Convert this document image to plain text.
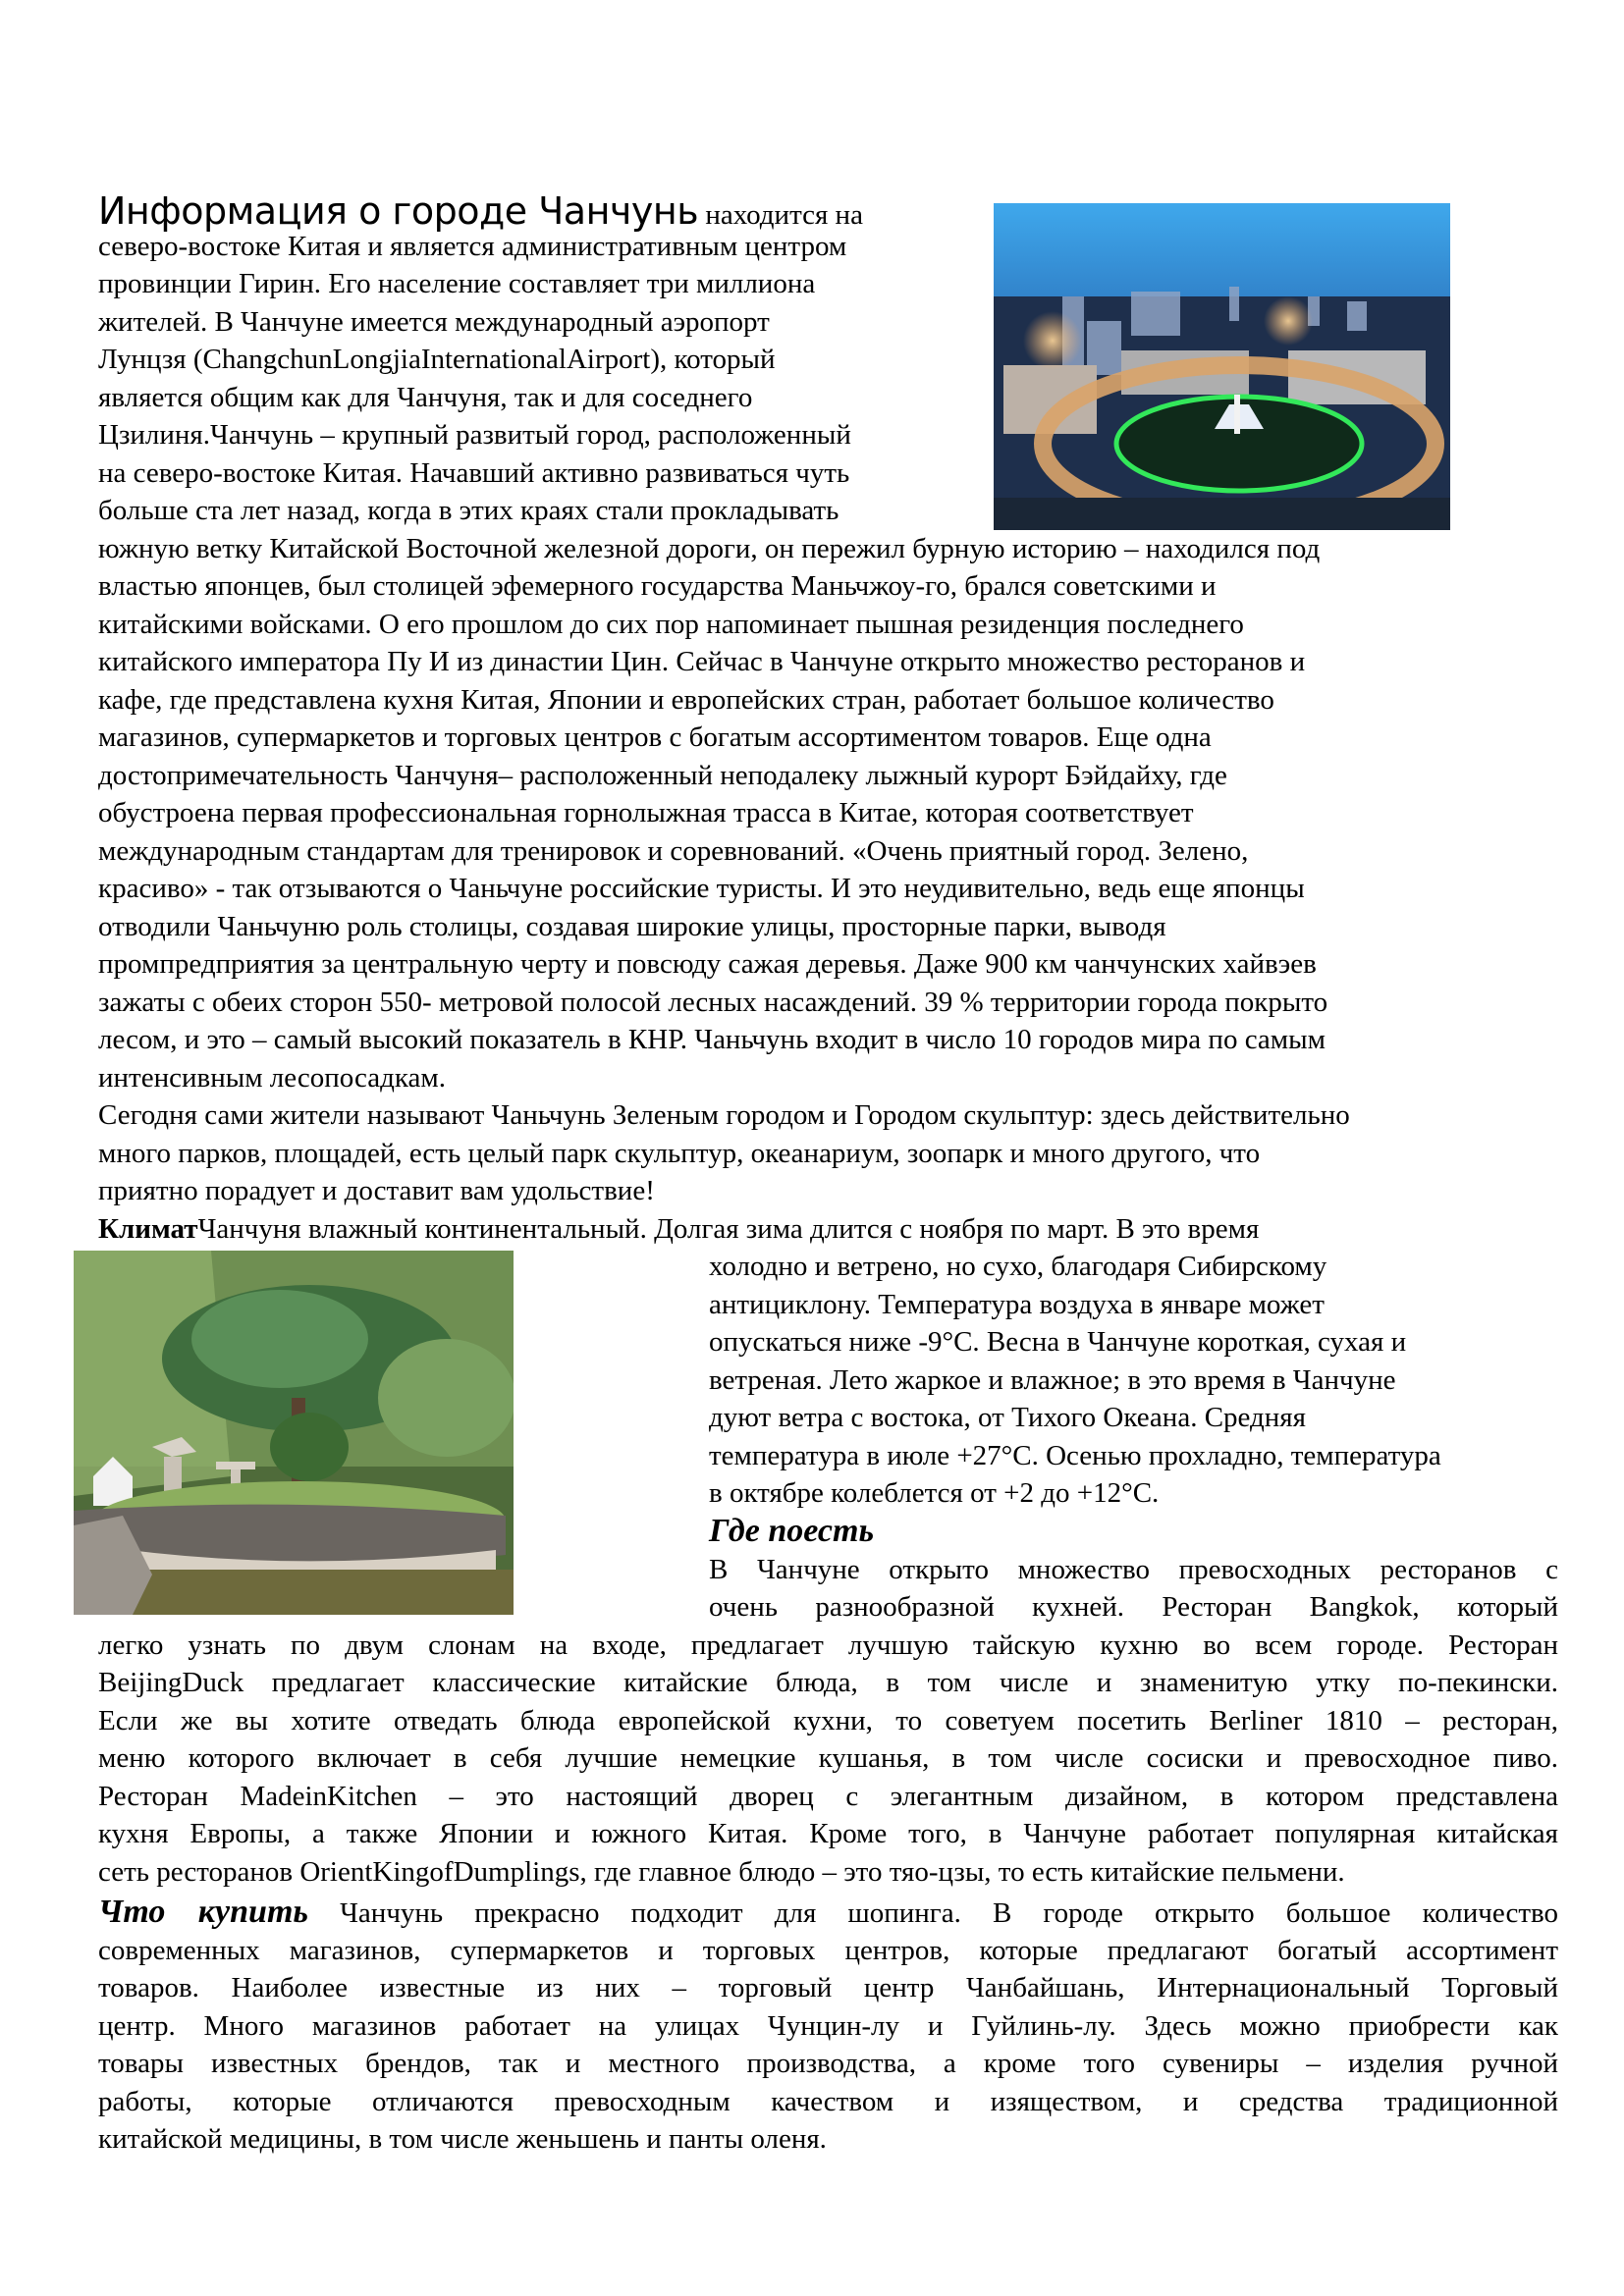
Информация о городе Чанчунь находится на
северо-востоке Китая и является административным центром
провинции Гирин. Его население составляет три миллиона
жителей. В Чанчуне имеется международный аэропорт
Лунцзя (ChangchunLongjiaInternationalAirport), который
является общим как для Чанчуня, так и для соседнего
Цзилиня.Чанчунь – крупный развитый город, расположенный
на северо-востоке Китая. Начавший активно развиваться чуть
больше ста лет назад, когда в этих краях стали прокладывать
южную ветку Китайской Восточной железной дороги, он пережил бурную историю – находился под
властью японцев, был столицей эфемерного государства Маньчжоу-го, брался советскими и
китайскими войсками. О его прошлом до сих пор напоминает пышная резиденция последнего
китайского императора Пу И из династии Цин. Сейчас в Чанчуне открыто множество ресторанов и
кафе, где представлена кухня Китая, Японии и европейских стран, работает большое количество
магазинов, супермаркетов и торговых центров с богатым ассортиментом товаров. Еще одна
достопримечательность Чанчуня– расположенный неподалеку лыжный курорт Бэйдайху, где
обустроена первая профессиональная горнолыжная трасса в Китае, которая соответствует
международным стандартам для тренировок и соревнований. «Очень приятный город. Зелено,
красиво» - так отзываются о Чаньчуне российские туристы. И это неудивительно, ведь еще японцы
отводили Чаньчуню роль столицы, создавая широкие улицы, просторные парки, выводя
промпредприятия за центральную черту и повсюду сажая деревья. Даже 900 км чанчунских хайвэев
зажаты с обеих сторон 550- метровой полосой лесных насаждений. 39 % территории города покрыто
лесом, и это – самый высокий показатель в КНР. Чаньчунь входит в число 10 городов мира по самым
интенсивным лесопосадкам.
Сегодня сами жители называют Чаньчунь Зеленым городом и Городом скульптур: здесь действительно
много парков, площадей, есть целый парк скульптур, океанариум, зоопарк и много другого, что
приятно порадует и доставит вам удольствие!
КлиматЧанчуня влажный континентальный. Долгая зима длится с ноября по март. В это время
холодно и ветрено, но сухо, благодаря Сибирскому
антициклону. Температура воздуха в январе может
опускаться ниже -9°С. Весна в Чанчуне короткая, сухая и
ветреная. Лето жаркое и влажное; в это время в Чанчуне
дуют ветра с востока, от Тихого Океана. Средняя
температура в июле +27°С. Осенью прохладно, температура
в октябре колеблется от +2 до +12°С.
Где поесть
В Чанчуне открыто множество превосходных ресторанов с
очень разнообразной кухней. Ресторан Bangkok, который
легко узнать по двум слонам на входе, предлагает лучшую тайскую кухню во всем городе. Ресторан
BeijingDuck предлагает классические китайские блюда, в том числе и знаменитую утку по-пекински.
Если же вы хотите отведать блюда европейской кухни, то советуем посетить Berliner 1810 – ресторан,
меню которого включает в себя лучшие немецкие кушанья, в том числе сосиски и превосходное пиво.
Ресторан MadeinKitchen – это настоящий дворец с элегантным дизайном, в котором представлена
кухня Европы, а также Японии и южного Китая. Кроме того, в Чанчуне работает популярная китайская
сеть ресторанов OrientKingofDumplings, где главное блюдо – это тяо-цзы, то есть китайские пельмени.
Что купить Чанчунь прекрасно подходит для шопинга. В городе открыто большое количество
современных магазинов, супермаркетов и торговых центров, которые предлагают богатый ассортимент
товаров. Наиболее известные из них – торговый центр Чанбайшань, Интернациональный Торговый
центр. Много магазинов работает на улицах Чунцин-лу и Гуйлинь-лу. Здесь можно приобрести как
товары известных брендов, так и местного производства, а кроме того сувениры – изделия ручной
работы, которые отличаются превосходным качеством и изяществом, и средства традиционной
китайской медицины, в том числе женьшень и панты оленя.
